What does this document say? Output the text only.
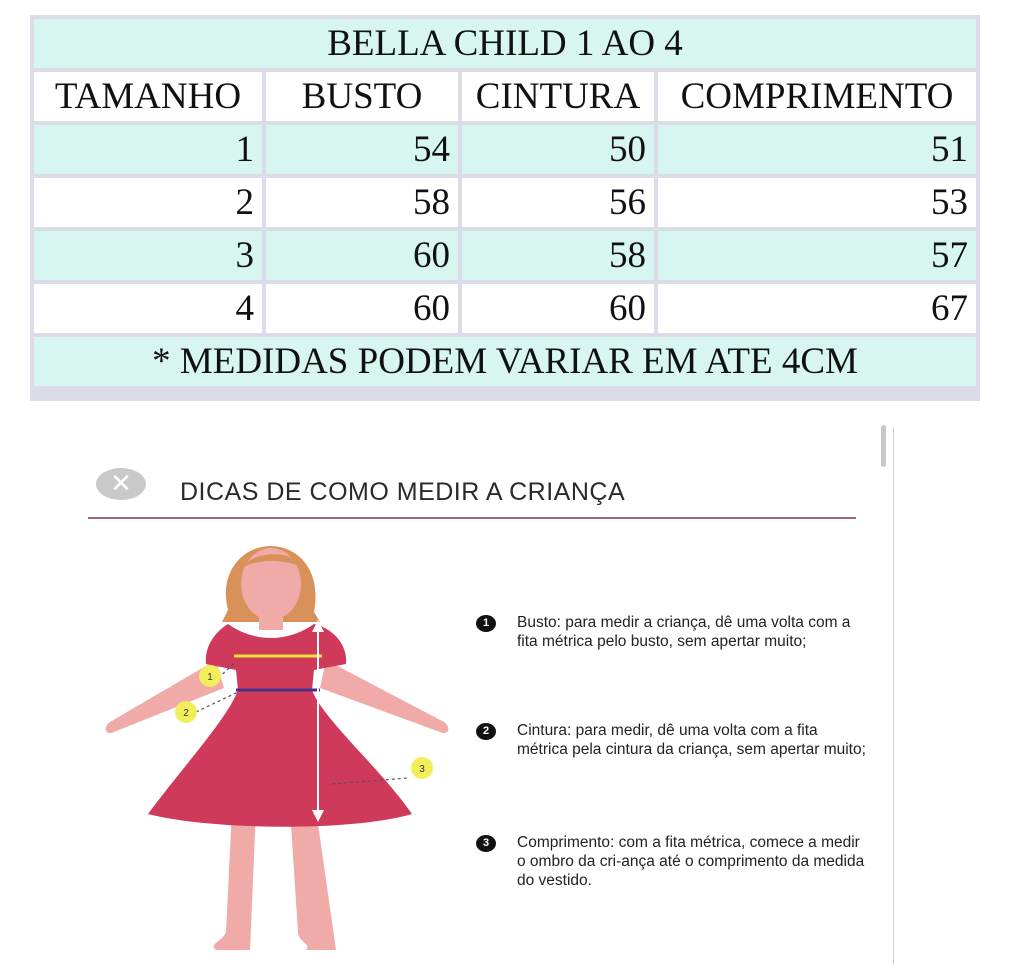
BELLA CHILD 1 AO 4
TAMANHO	BUSTO	CINTURA	COMPRIMENTO
1	54	50	51
2	58	56	53
3	60	58	57
4	60	60	67
* MEDIDAS PODEM VARIAR EM ATE 4CM
✕	DICAS DE COMO MEDIR A CRIANÇA
1	Busto: para medir a criança, dê uma volta com a fita métrica pelo busto, sem apertar muito;
2	Cintura: para medir, dê uma volta com a fita métrica pela cintura da criança, sem apertar muito;
3	Comprimento: com a fita métrica, comece a medir o ombro da cri-ança até o comprimento da medida do vestido.
1
2
3
